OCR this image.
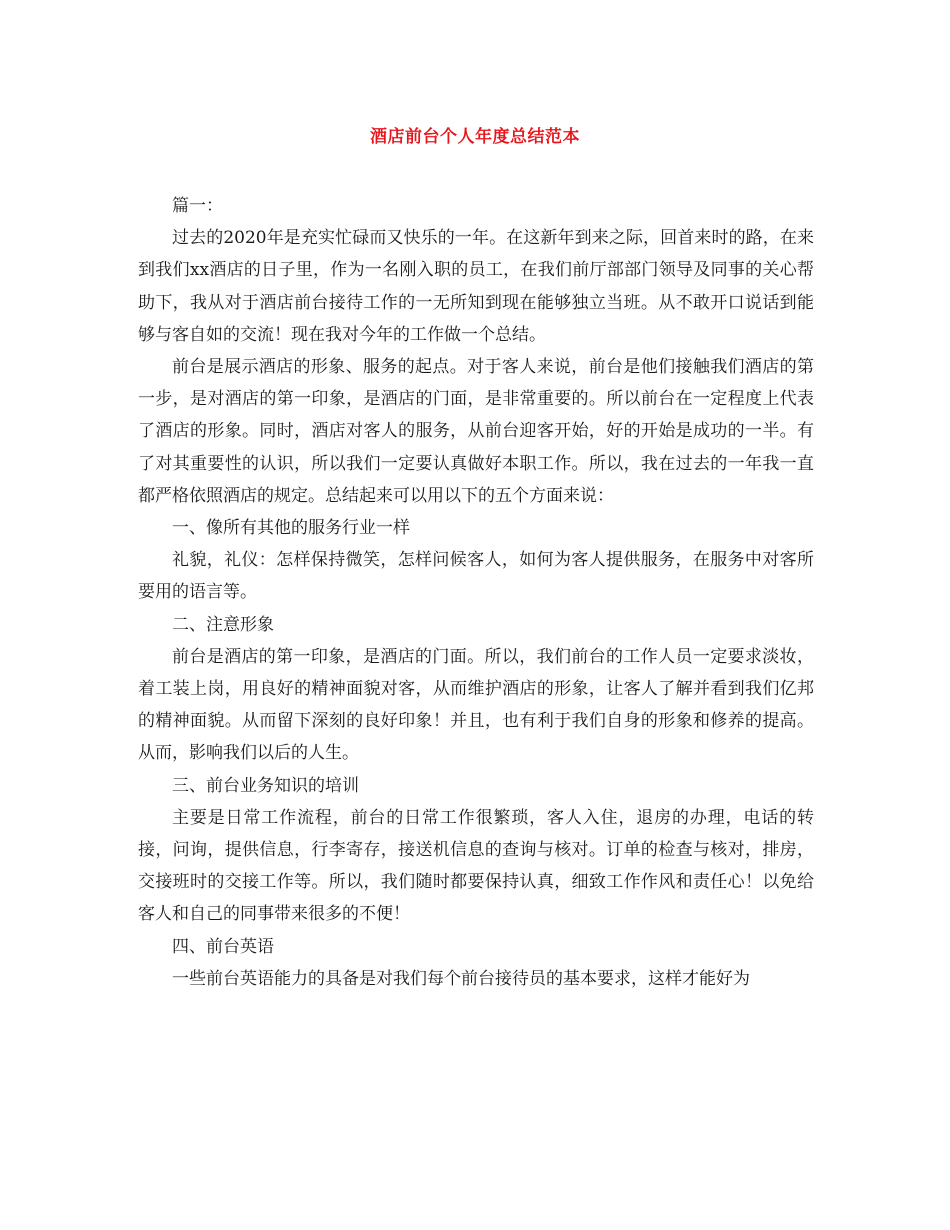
酒店前台个人年度总结范本

篇一：

过去的2020年是充实忙碌而又快乐的一年。在这新年到来之际，回首来时的路，在来到我们xx酒店的日子里，作为一名刚入职的员工，在我们前厅部部门领导及同事的关心帮助下，我从对于酒店前台接待工作的一无所知到现在能够独立当班。从不敢开口说话到能够与客自如的交流！现在我对今年的工作做一个总结。

前台是展示酒店的形象、服务的起点。对于客人来说，前台是他们接触我们酒店的第一步，是对酒店的第一印象，是酒店的门面，是非常重要的。所以前台在一定程度上代表了酒店的形象。同时，酒店对客人的服务，从前台迎客开始，好的开始是成功的一半。有了对其重要性的认识，所以我们一定要认真做好本职工作。所以，我在过去的一年我一直都严格依照酒店的规定。总结起来可以用以下的五个方面来说：

一、像所有其他的服务行业一样

礼貌，礼仪：怎样保持微笑，怎样问候客人，如何为客人提供服务，在服务中对客所要用的语言等。

二、注意形象

前台是酒店的第一印象，是酒店的门面。所以，我们前台的工作人员一定要求淡妆，着工装上岗，用良好的精神面貌对客，从而维护酒店的形象，让客人了解并看到我们亿邦的精神面貌。从而留下深刻的良好印象！并且，也有利于我们自身的形象和修养的提高。从而，影响我们以后的人生。

三、前台业务知识的培训

主要是日常工作流程，前台的日常工作很繁琐，客人入住，退房的办理，电话的转接，问询，提供信息，行李寄存，接送机信息的查询与核对。订单的检查与核对，排房，交接班时的交接工作等。所以，我们随时都要保持认真，细致工作作风和责任心！以免给客人和自己的同事带来很多的不便！

四、前台英语

一些前台英语能力的具备是对我们每个前台接待员的基本要求，这样才能好为
